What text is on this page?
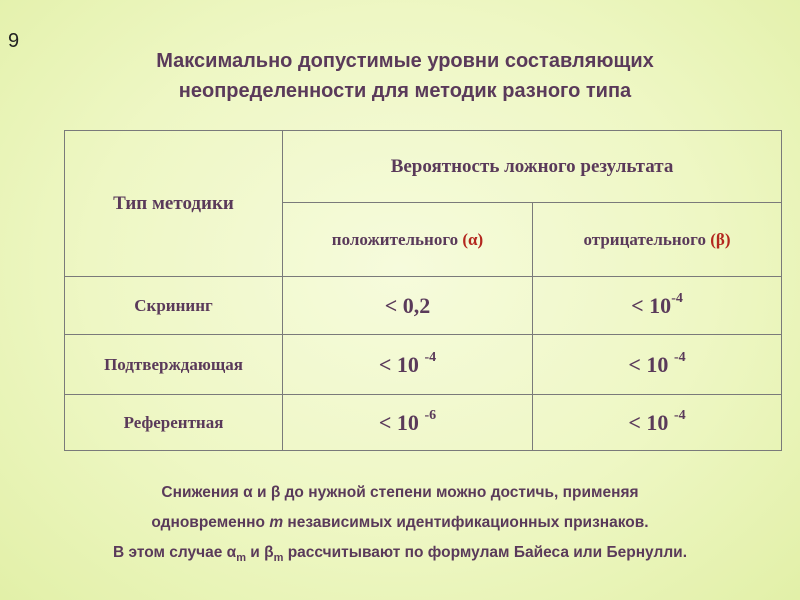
9
Максимально допустимые уровни составляющих
неопределенности для методик разного типа
Тип методики	Вероятность ложного результата	
	положительного (α)	отрицательного (β)
Скрининг	< 0,2	< $10^{-4}$
Подтверждающая	< 10 $^{-4}$	< 10 $^{-4}$
Референтная	< 10 $^{-6}$	< 10 $^{-4}$
Снижения α и β до нужной степени можно достичь, применяя
одновременно m независимых идентификационных признаков.
В этом случае $\alpha_m$ и $\beta_m$ рассчитывают по формулам Байеса или Бернулли.
